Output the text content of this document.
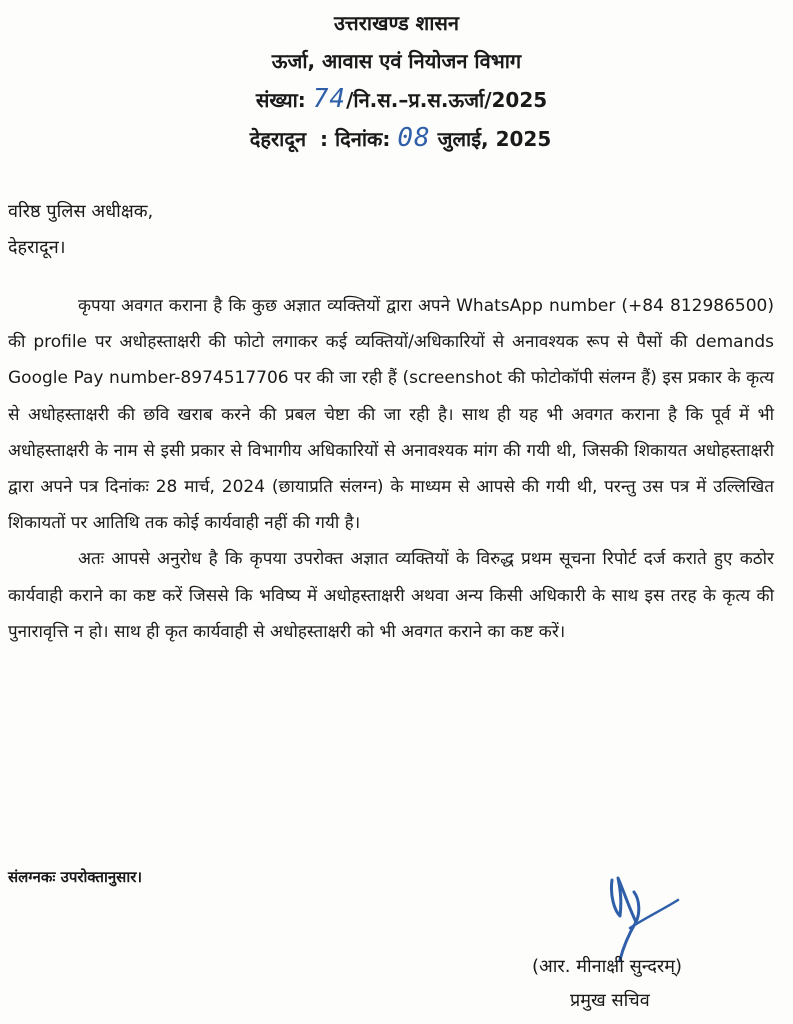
उत्तराखण्ड शासन
ऊर्जा, आवास एवं नियोजन विभाग
संख्या: 74/नि.स.–प्र.स.ऊर्जा/2025
देहरादून : दिनांक: 08 जुलाई, 2025
वरिष्ठ पुलिस अधीक्षक,
देहरादून।

कृपया अवगत कराना है कि कुछ अज्ञात व्यक्तियों द्वारा अपने WhatsApp number (+84 812986500) की profile पर अधोहस्ताक्षरी की फोटो लगाकर कई व्यक्तियों/अधिकारियों से अनावश्यक रूप से पैसों की demands Google Pay number-8974517706 पर की जा रही हैं (screenshot की फोटोकॉपी संलग्न हैं) इस प्रकार के कृत्य से अधोहस्ताक्षरी की छवि खराब करने की प्रबल चेष्टा की जा रही है। साथ ही यह भी अवगत कराना है कि पूर्व में भी अधोहस्ताक्षरी के नाम से इसी प्रकार से विभागीय अधिकारियों से अनावश्यक मांग की गयी थी, जिसकी शिकायत अधोहस्ताक्षरी द्वारा अपने पत्र दिनांकः 28 मार्च, 2024 (छायाप्रति संलग्न) के माध्यम से आपसे की गयी थी, परन्तु उस पत्र में उल्लिखित शिकायतों पर आतिथि तक कोई कार्यवाही नहीं की गयी है।

अतः आपसे अनुरोध है कि कृपया उपरोक्त अज्ञात व्यक्तियों के विरुद्ध प्रथम सूचना रिपोर्ट दर्ज कराते हुए कठोर कार्यवाही कराने का कष्ट करें जिससे कि भविष्य में अधोहस्ताक्षरी अथवा अन्य किसी अधिकारी के साथ इस तरह के कृत्य की पुनारावृत्ति न हो। साथ ही कृत कार्यवाही से अधोहस्ताक्षरी को भी अवगत कराने का कष्ट करें।

संलग्नकः उपरोक्तानुसार।
(आर. मीनाक्षी सुन्दरम्)
प्रमुख सचिव
